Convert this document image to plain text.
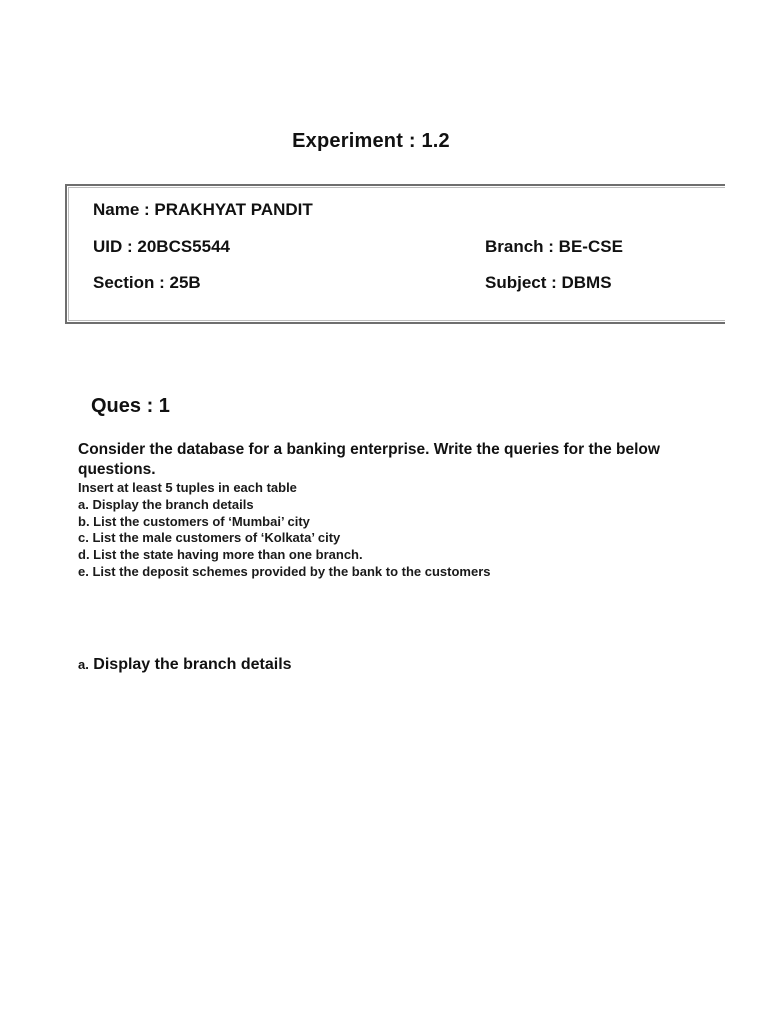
Experiment : 1.2
Name : PRAKHYAT PANDIT
UID : 20BCS5544	Branch : BE-CSE
Section : 25B	Subject : DBMS
Ques : 1
Consider the database for a banking enterprise. Write the queries for the below questions.
Insert at least 5 tuples in each table
a. Display the branch details
b. List the customers of ‘Mumbai’ city
c. List the male customers of ‘Kolkata’ city
d. List the state having more than one branch.
e. List the deposit schemes provided by the bank to the customers
a. Display the branch details
